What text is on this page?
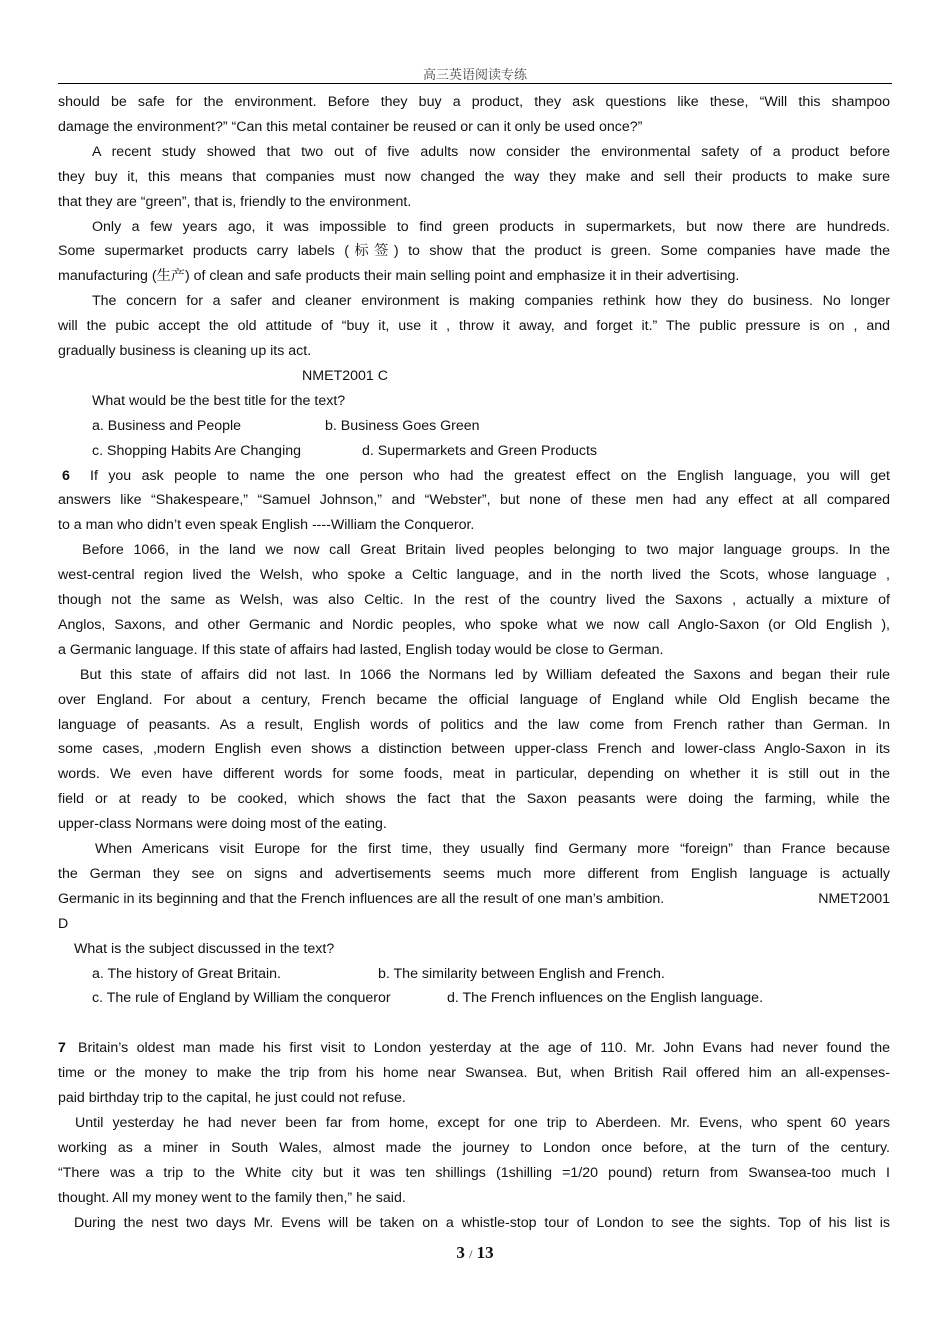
高三英语阅读专练
should be safe for the environment. Before they buy a product, they ask questions like these, “Will this shampoo
damage the environment?” “Can this metal container be reused or can it only be used once?”
A recent study showed that two out of five adults now consider the environmental safety of a product before
they buy it, this means that companies must now changed the way they make and sell their products to make sure
that they are “green”, that is, friendly to the environment.
Only a few years ago, it was impossible to find green products in supermarkets, but now there are hundreds.
Some supermarket products carry labels (标签) to show that the product is green. Some companies have made the
manufacturing (生产) of clean and safe products their main selling point and emphasize it in their advertising.
The concern for a safer and cleaner environment is making companies rethink how they do business. No longer
will the pubic accept the old attitude of “buy it, use it , throw it away, and forget it.” The public pressure is on , and
gradually business is cleaning up its act.
NMET2001 C
What would be the best title for the text?
a. Business and People	b. Business Goes Green
c. Shopping Habits Are Changing	d. Supermarkets and Green Products
6 If you ask people to name the one person who had the greatest effect on the English language, you will get
answers like “Shakespeare,” “Samuel Johnson,” and “Webster”, but none of these men had any effect at all compared
to a man who didn’t even speak English ----William the Conqueror.
Before 1066, in the land we now call Great Britain lived peoples belonging to two major language groups. In the
west-central region lived the Welsh, who spoke a Celtic language, and in the north lived the Scots, whose language ,
though not the same as Welsh, was also Celtic. In the rest of the country lived the Saxons , actually a mixture of
Anglos, Saxons, and other Germanic and Nordic peoples, who spoke what we now call Anglo-Saxon (or Old English ),
a Germanic language. If this state of affairs had lasted, English today would be close to German.
But this state of affairs did not last. In 1066 the Normans led by William defeated the Saxons and began their rule
over England. For about a century, French became the official language of England while Old English became the
language of peasants. As a result, English words of politics and the law come from French rather than German. In
some cases, ,modern English even shows a distinction between upper-class French and lower-class Anglo-Saxon in its
words. We even have different words for some foods, meat in particular, depending on whether it is still out in the
field or at ready to be cooked, which shows the fact that the Saxon peasants were doing the farming, while the
upper-class Normans were doing most of the eating.
When Americans visit Europe for the first time, they usually find Germany more “foreign” than France because
the German they see on signs and advertisements seems much more different from English language is actually
Germanic in its beginning and that the French influences are all the result of one man’s ambition.	NMET2001
D
What is the subject discussed in the text?
a. The history of Great Britain.	b. The similarity between English and French.
c. The rule of England by William the conqueror	d. The French influences on the English language.
7 Britain’s oldest man made his first visit to London yesterday at the age of 110. Mr. John Evans had never found the
time or the money to make the trip from his home near Swansea. But, when British Rail offered him an all-expenses-
paid birthday trip to the capital, he just could not refuse.
Until yesterday he had never been far from home, except for one trip to Aberdeen. Mr. Evens, who spent 60 years
working as a miner in South Wales, almost made the journey to London once before, at the turn of the century.
“There was a trip to the White city but it was ten shillings (1shilling =1/20 pound) return from Swansea-too much I
thought. All my money went to the family then,” he said.
During the nest two days Mr. Evens will be taken on a whistle-stop tour of London to see the sights. Top of his list is
3 / 13
